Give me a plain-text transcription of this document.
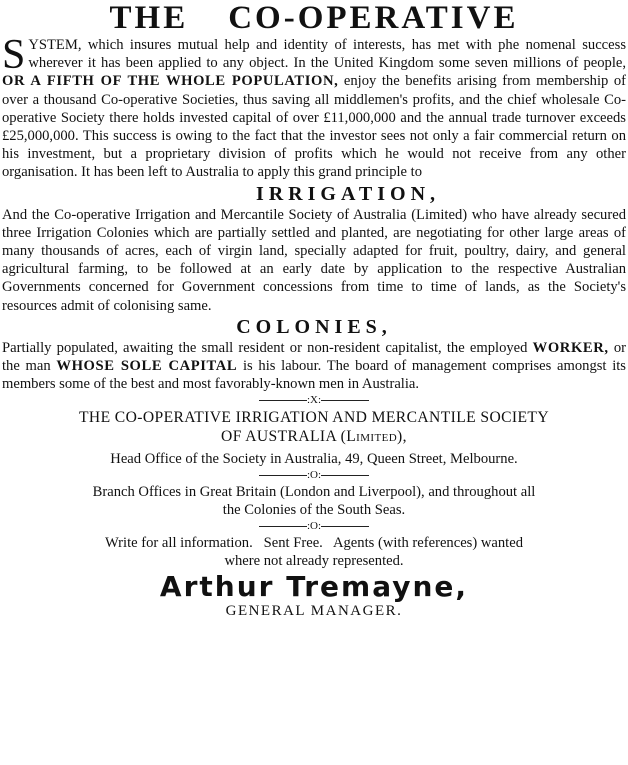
THE CO-OPERATIVE

SYSTEM, which insures mutual help and identity of interests, has met with phe nomenal success wherever it has been applied to any object. In the United Kingdom some seven millions of people, OR A FIFTH OF THE WHOLE POPULATION, enjoy the benefits arising from membership of over a thousand Co-operative Societies, thus saving all middlemen's profits, and the chief wholesale Co-operative Society there holds invested capital of over £11,000,000 and the annual trade turnover exceeds £25,000,000. This success is owing to the fact that the investor sees not only a fair commercial return on his investment, but a proprietary division of profits which he would not receive from any other organisation. It has been left to Australia to apply this grand principle to

IRRIGATION,

And the Co-operative Irrigation and Mercantile Society of Australia (Limited) who have already secured three Irrigation Colonies which are partially settled and planted, are negotiating for other large areas of many thousands of acres, each of virgin land, specially adapted for fruit, poultry, dairy, and general agricultural farming, to be followed at an early date by application to the respective Australian Governments concerned for Government concessions from time to time of lands, as the Society's resources admit of colonising same.

COLONIES,

Partially populated, awaiting the small resident or non-resident capitalist, the employed WORKER, or the man WHOSE SOLE CAPITAL is his labour. The board of management comprises amongst its members some of the best and most favorably-known men in Australia.

:X:

THE CO-OPERATIVE IRRIGATION AND MERCANTILE SOCIETY

OF AUSTRALIA (Limited),

Head Office of the Society in Australia, 49, Queen Street, Melbourne.

:O:

Branch Offices in Great Britain (London and Liverpool), and throughout all

the Colonies of the South Seas.

:O:

Write for all information.   Sent Free.   Agents (with references) wanted

where not already represented.

Arthur Tremayne,

GENERAL MANAGER.
